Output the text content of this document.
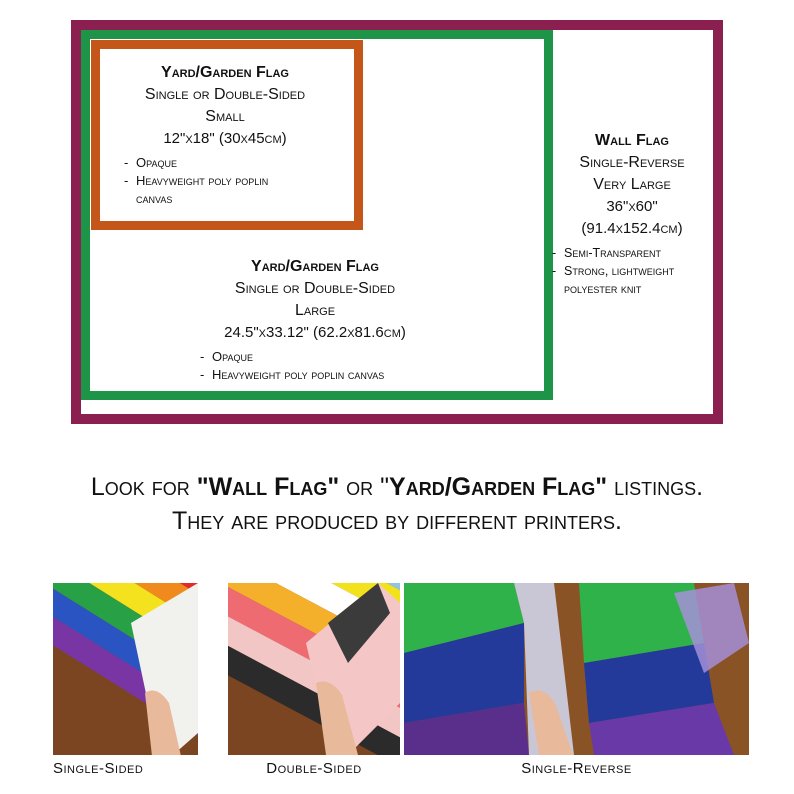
Yard/Garden Flag
Single or Double-Sided
Small
12"x18" (30x45cm)
- Opaque
- Heavyweight poly poplin
canvas
Yard/Garden Flag
Single or Double-Sided
Large
24.5"x33.12" (62.2x81.6cm)
- Opaque
- Heavyweight poly poplin canvas
Wall Flag
Single-Reverse
Very Large
36"x60"
(91.4x152.4cm)
- Semi-Transparent
- Strong, lightweight
polyester knit
Look for "Wall Flag" or "Yard/Garden Flag" listings.
They are produced by different printers.
Single-Sided	Double-Sided	Single-Reverse
